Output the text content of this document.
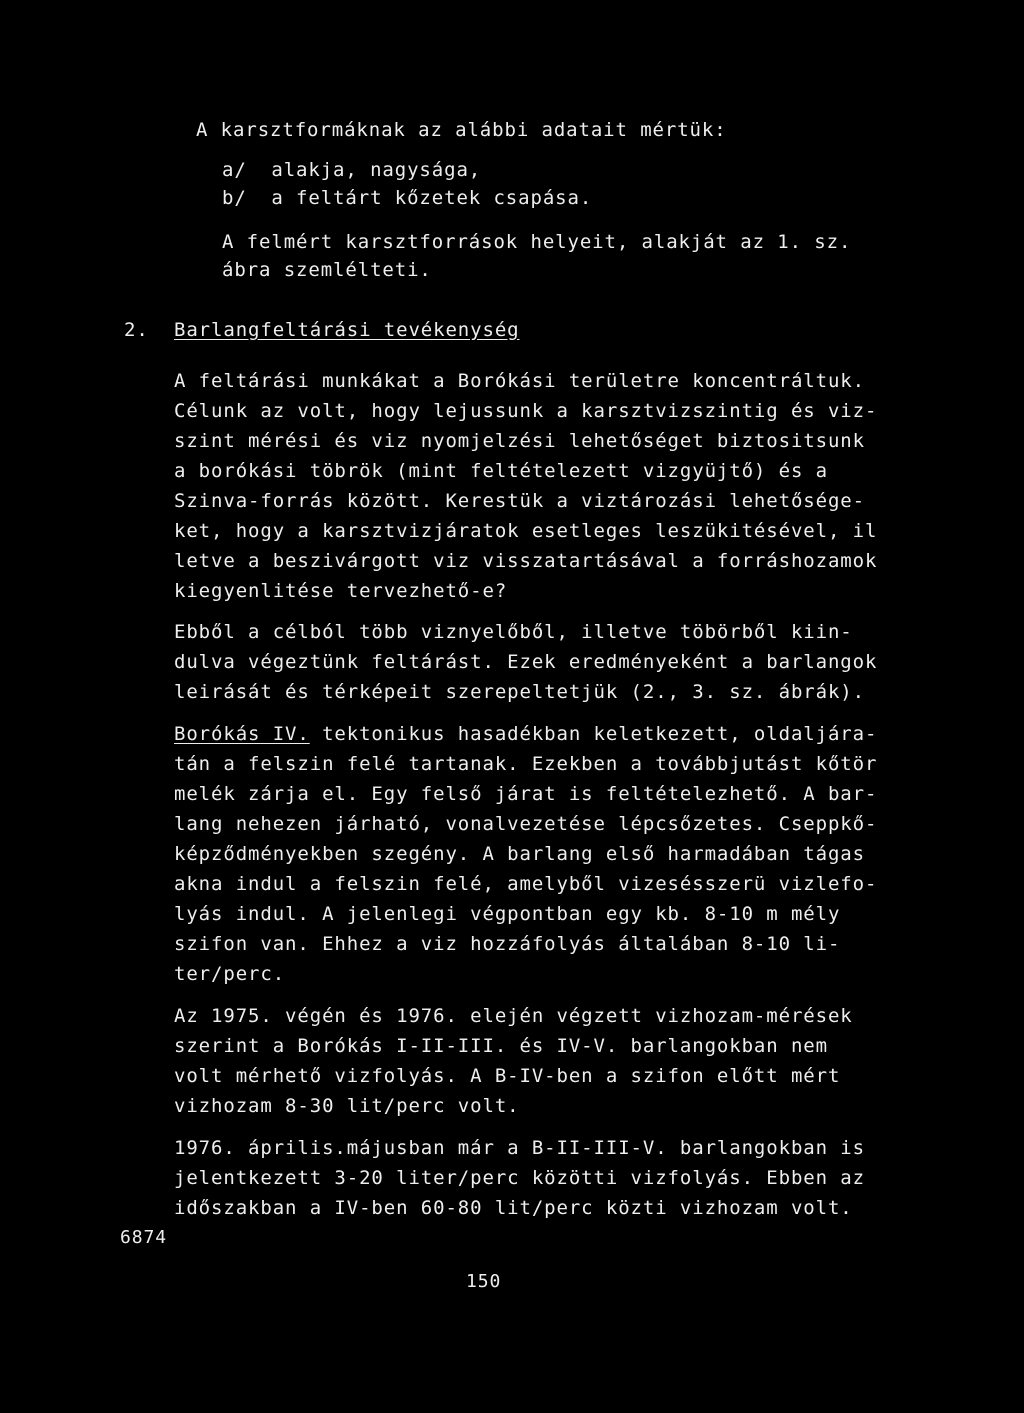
A karsztformáknak az alábbi adatait mértük:
a/  alakja, nagysága,
b/  a feltárt kőzetek csapása.
A felmért karsztforrások helyeit, alakját az 1. sz.
ábra szemlélteti.
2. Barlangfeltárási tevékenység
A feltárási munkákat a Borókási területre koncentráltuk.
Célunk az volt, hogy lejussunk a karsztvizszintig és viz-
szint mérési és viz nyomjelzési lehetőséget biztositsunk
a borókási töbrök (mint feltételezett vizgyüjtő) és a
Szinva-forrás között. Kerestük a viztározási lehetősége-
ket, hogy a karsztvizjáratok esetleges leszükitésével, il
letve a beszivárgott viz visszatartásával a forráshozamok
kiegyenlitése tervezhető-e?
Ebből a célból több viznyelőből, illetve töbörből kiin-
dulva végeztünk feltárást. Ezek eredményeként a barlangok
leirását és térképeit szerepeltetjük (2., 3. sz. ábrák).
Borókás IV. tektonikus hasadékban keletkezett, oldaljára-
tán a felszin felé tartanak. Ezekben a továbbjutást kőtör
melék zárja el. Egy felső járat is feltételezhető. A bar-
lang nehezen járható, vonalvezetése lépcsőzetes. Cseppkő-
képződményekben szegény. A barlang első harmadában tágas
akna indul a felszin felé, amelyből vizesésszerü vizlefo-
lyás indul. A jelenlegi végpontban egy kb. 8-10 m mély
szifon van. Ehhez a viz hozzáfolyás általában 8-10 li-
ter/perc.
Az 1975. végén és 1976. elején végzett vizhozam-mérések
szerint a Borókás I-II-III. és IV-V. barlangokban nem
volt mérhető vizfolyás. A B-IV-ben a szifon előtt mért
vizhozam 8-30 lit/perc volt.
1976. április.májusban már a B-II-III-V. barlangokban is
jelentkezett 3-20 liter/perc közötti vizfolyás. Ebben az
időszakban a IV-ben 60-80 lit/perc közti vizhozam volt.
6874
150
